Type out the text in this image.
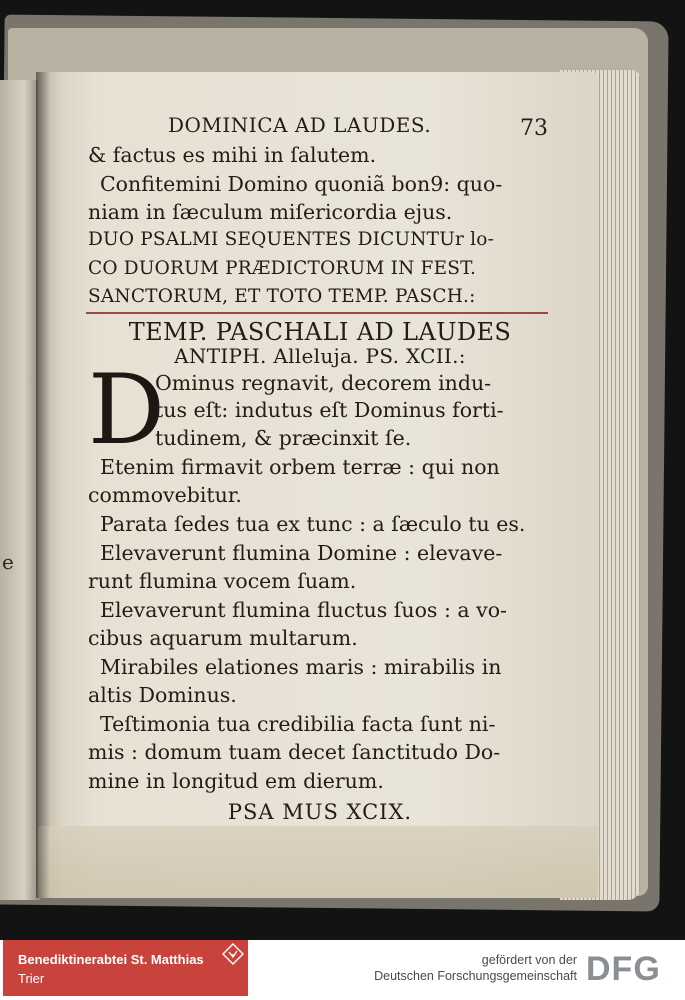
e
DOMINICA AD LAUDES.	73
& factus es mihi in ſalutem.
Confitemini Domino quoniã bon9: quo-
niam in ſæculum miſericordia ejus.
DUO PSALMI SEQUENTES DICUNTUr lo-
CO DUORUM PRÆDICTORUM IN FEST.
SANCTORUM, ET TOTO TEMP. PASCH.:
TEMP. PASCHALI AD LAUDES
ANTIPH. Alleluja. PS. XCII.:
D
Ominus regnavit, decorem indu-
tus eſt: indutus eſt Dominus forti-
tudinem, & præcinxit ſe.
Etenim firmavit orbem terræ : qui non
commovebitur.
Parata ſedes tua ex tunc : a ſæculo tu es.
Elevaverunt flumina Domine : elevave-
runt flumina vocem ſuam.
Elevaverunt flumina fluctus ſuos : a vo-
cibus aquarum multarum.
Mirabiles elationes maris : mirabilis in
altis Dominus.
Teſtimonia tua credibilia facta ſunt ni-
mis : domum tuam decet ſanctitudo Do-
mine in longitud em dierum.
PSA MUS XCIX.
Benediktinerabtei St. Matthias
Trier
gefördert von der
Deutschen Forschungsgemeinschaft DFG
